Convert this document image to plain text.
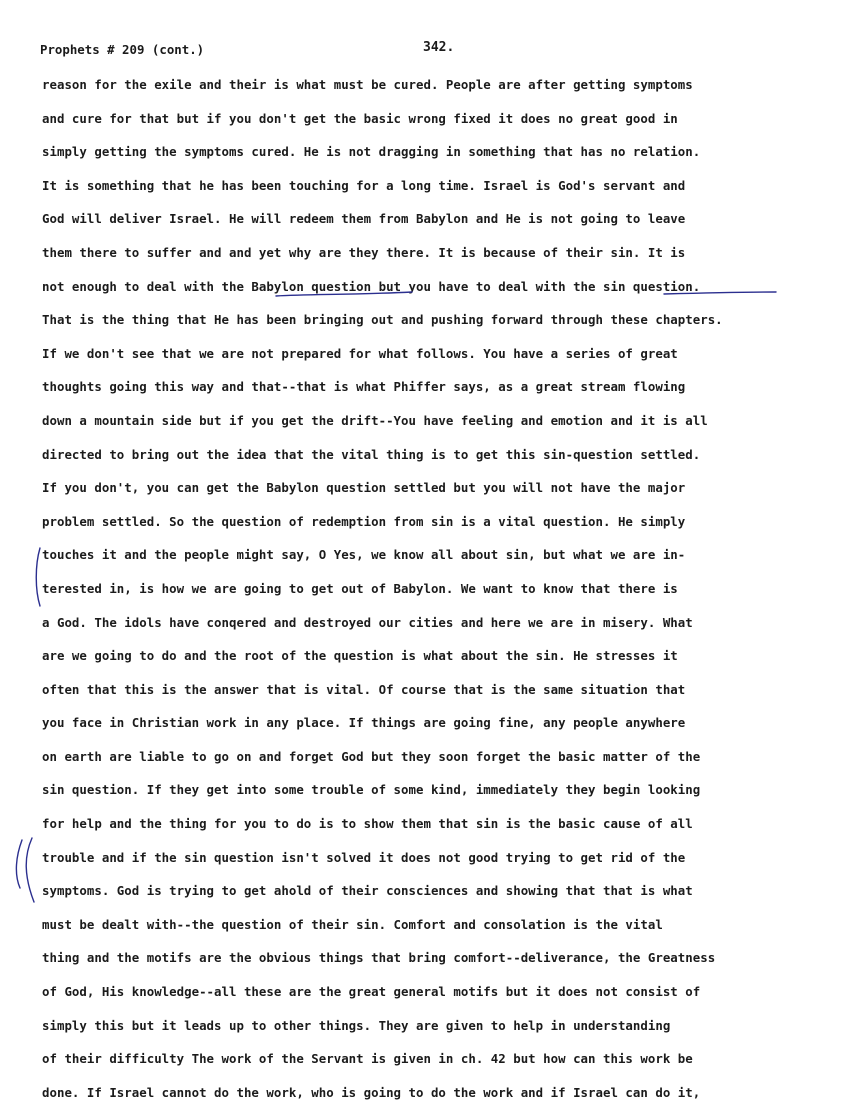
Prophets # 209 (cont.)	342.
reason for the exile and their is what must be cured. People are after getting symptoms
and cure for that but if you don't get the basic wrong fixed it does no great good in
simply getting the symptoms cured. He is not dragging in something that has no relation.
It is something that he has been touching for a long time. Israel is God's servant and
God will deliver Israel. He will redeem them from Babylon and He is not going to leave
them there to suffer and and yet why are they there. It is because of their sin. It is
not enough to deal with the Babylon question but you have to deal with the sin question.
That is the thing that He has been bringing out and pushing forward through these chapters.
If we don't see that we are not prepared for what follows. You have a series of great
thoughts going this way and that--that is what Phiffer says, as a great stream flowing
down a mountain side but if you get the drift--You have feeling and emotion and it is all
directed to bring out the idea that the vital thing is to get this sin-question settled.
If you don't, you can get the Babylon question settled but you will not have the major
problem settled. So the question of redemption from sin is a vital question. He simply
touches it and the people might say, O Yes, we know all about sin, but what we are in-
terested in, is how we are going to get out of Babylon. We want to know that there is
a God. The idols have conqered and destroyed our cities and here we are in misery. What
are we going to do and the root of the question is what about the sin. He stresses it
often that this is the answer that is vital. Of course that is the same situation that
you face in Christian work in any place. If things are going fine, any people anywhere
on earth are liable to go on and forget God but they soon forget the basic matter of the
sin question. If they get into some trouble of some kind, immediately they begin looking
for help and the thing for you to do is to show them that sin is the basic cause of all
trouble and if the sin question isn't solved it does not good trying to get rid of the
symptoms. God is trying to get ahold of their consciences and showing that that is what
must be dealt with--the question of their sin. Comfort and consolation is the vital
thing and the motifs are the obvious things that bring comfort--deliverance, the Greatness
of God, His knowledge--all these are the great general motifs but it does not consist of
simply this but it leads up to other things. They are given to help in understanding
of their difficulty The work of the Servant is given in ch. 42 but how can this work be
done. If Israel cannot do the work, who is going to do the work and if Israel can do it,
